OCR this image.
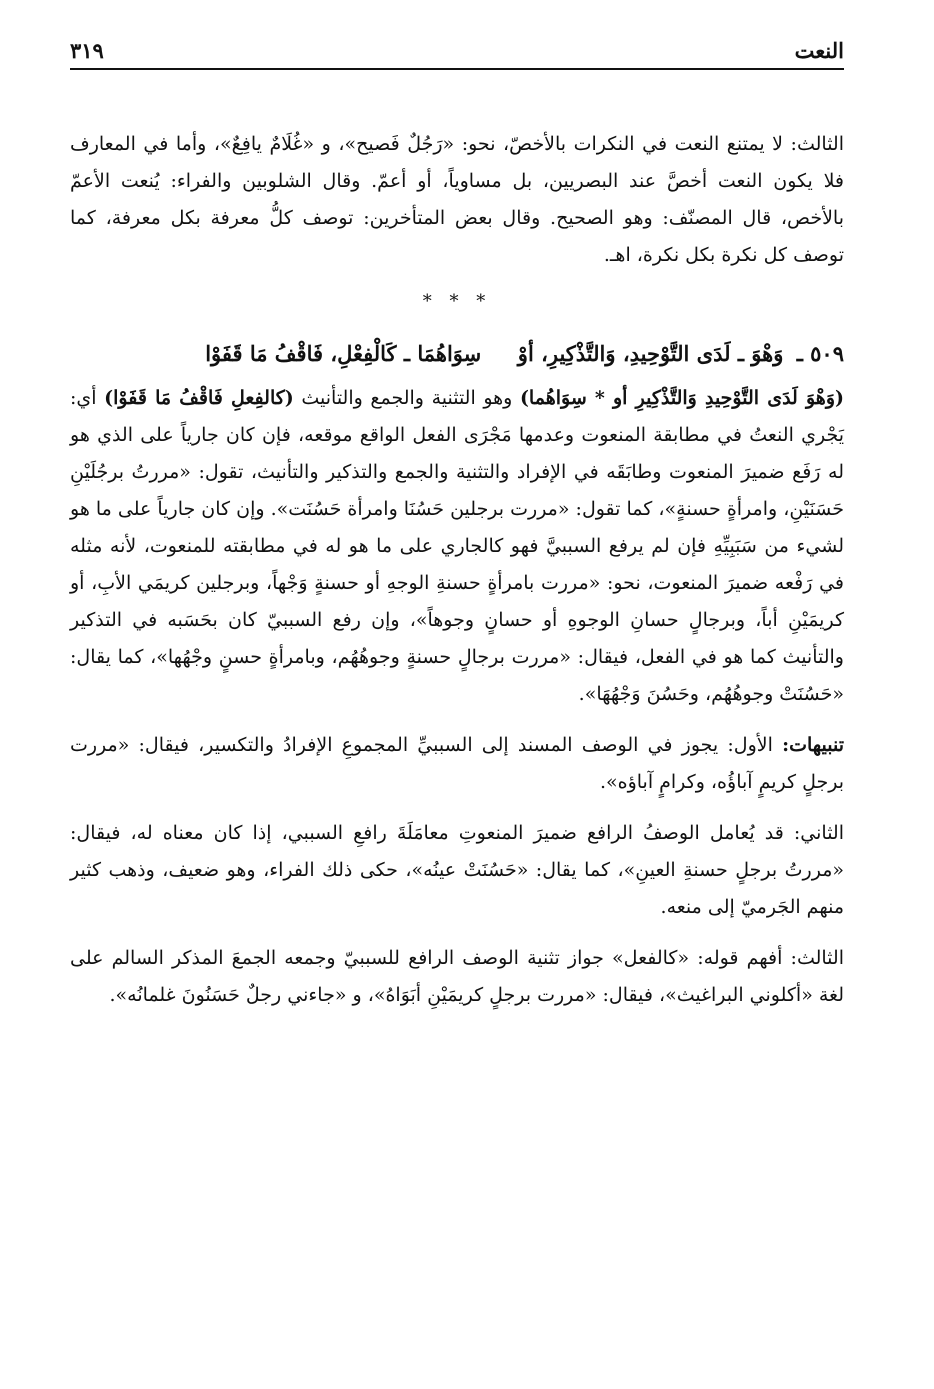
النعت
٣١٩

الثالث: لا يمتنع النعت في النكرات بالأخصّ، نحو: «رَجُلٌ فَصيح»، و «غُلَامٌ يافِعٌ»، وأما في المعارف فلا يكون النعت أخصَّ عند البصريين، بل مساوياً، أو أعمّ. وقال الشلوبين والفراء: يُنعت الأعمّ بالأخص، قال المصنّف: وهو الصحيح. وقال بعض المتأخرين: توصف كلُّ معرفة بكل معرفة، كما توصف كل نكرة بكل نكرة، اهـ.

* * *
٥٠٩ ـ وَهْوَ ـ لَدَى التَّوْحِيدِ، وَالتَّذْكِيرِ، أوْ     سِوَاهُمَا ـ كَالْفِعْلِ، فَاقْفُ مَا قَفَوْا

(وَهْوَ لَدَى التَّوْحِيدِ وَالتَّذْكِيرِ أو * سِوَاهُما) وهو التثنية والجمع والتأنيث (كالفِعلِ فَاقْفُ مَا قَفَوْا) أي: يَجْري النعتُ في مطابقة المنعوت وعدمها مَجْرَى الفعل الواقع موقعه، فإن كان جارياً على الذي هو له رَفَع ضميرَ المنعوت وطابَقَه في الإفراد والتثنية والجمع والتذكير والتأنيث، تقول: «مررتُ برجُلَيْنِ حَسَنَيْنِ، وامرأةٍ حسنةٍ»، كما تقول: «مررت برجلين حَسُنَا وامرأة حَسُنَت». وإن كان جارياً على ما هو لشيء من سَبَبِيِّهِ فإن لم يرفع السببيَّ فهو كالجاري على ما هو له في مطابقته للمنعوت، لأنه مثله في رَفْعه ضميرَ المنعوت، نحو: «مررت بامرأةٍ حسنةِ الوجهِ أو حسنةٍ وَجْهاً، وبرجلين كريمَي الأبِ، أو كريمَيْنِ أباً، وبرجالٍ حسانِ الوجوهِ أو حسانٍ وجوهاً»، وإن رفع السببيّ كان بحَسَبه في التذكير والتأنيث كما هو في الفعل، فيقال: «مررت برجالٍ حسنةٍ وجوهُهُم، وبامرأةٍ حسنٍ وجْهُها»، كما يقال: «حَسُنَتْ وجوهُهُم، وحَسُنَ وَجْهُهَا».

تنبيهات: الأول: يجوز في الوصف المسند إلى السببيِّ المجموعِ الإفرادُ والتكسير، فيقال: «مررت برجلٍ كريمٍ آباؤُه، وكرامٍ آباؤه».

الثاني: قد يُعامل الوصفُ الرافع ضميرَ المنعوتِ معامَلَةَ رافعِ السببي، إذا كان معناه له، فيقال: «مررتُ برجلٍ حسنةِ العينِ»، كما يقال: «حَسُنَتْ عينُه»، حكى ذلك الفراء، وهو ضعيف، وذهب كثير منهم الجَرميّ إلى منعه.

الثالث: أفهم قوله: «كالفعل» جواز تثنية الوصف الرافع للسببيّ وجمعه الجمعَ المذكر السالم على لغة «أكلوني البراغيث»، فيقال: «مررت برجلٍ كريمَيْنِ أبَوَاهُ»، و «جاءني رجلٌ حَسَنُونَ غلمانُه».
